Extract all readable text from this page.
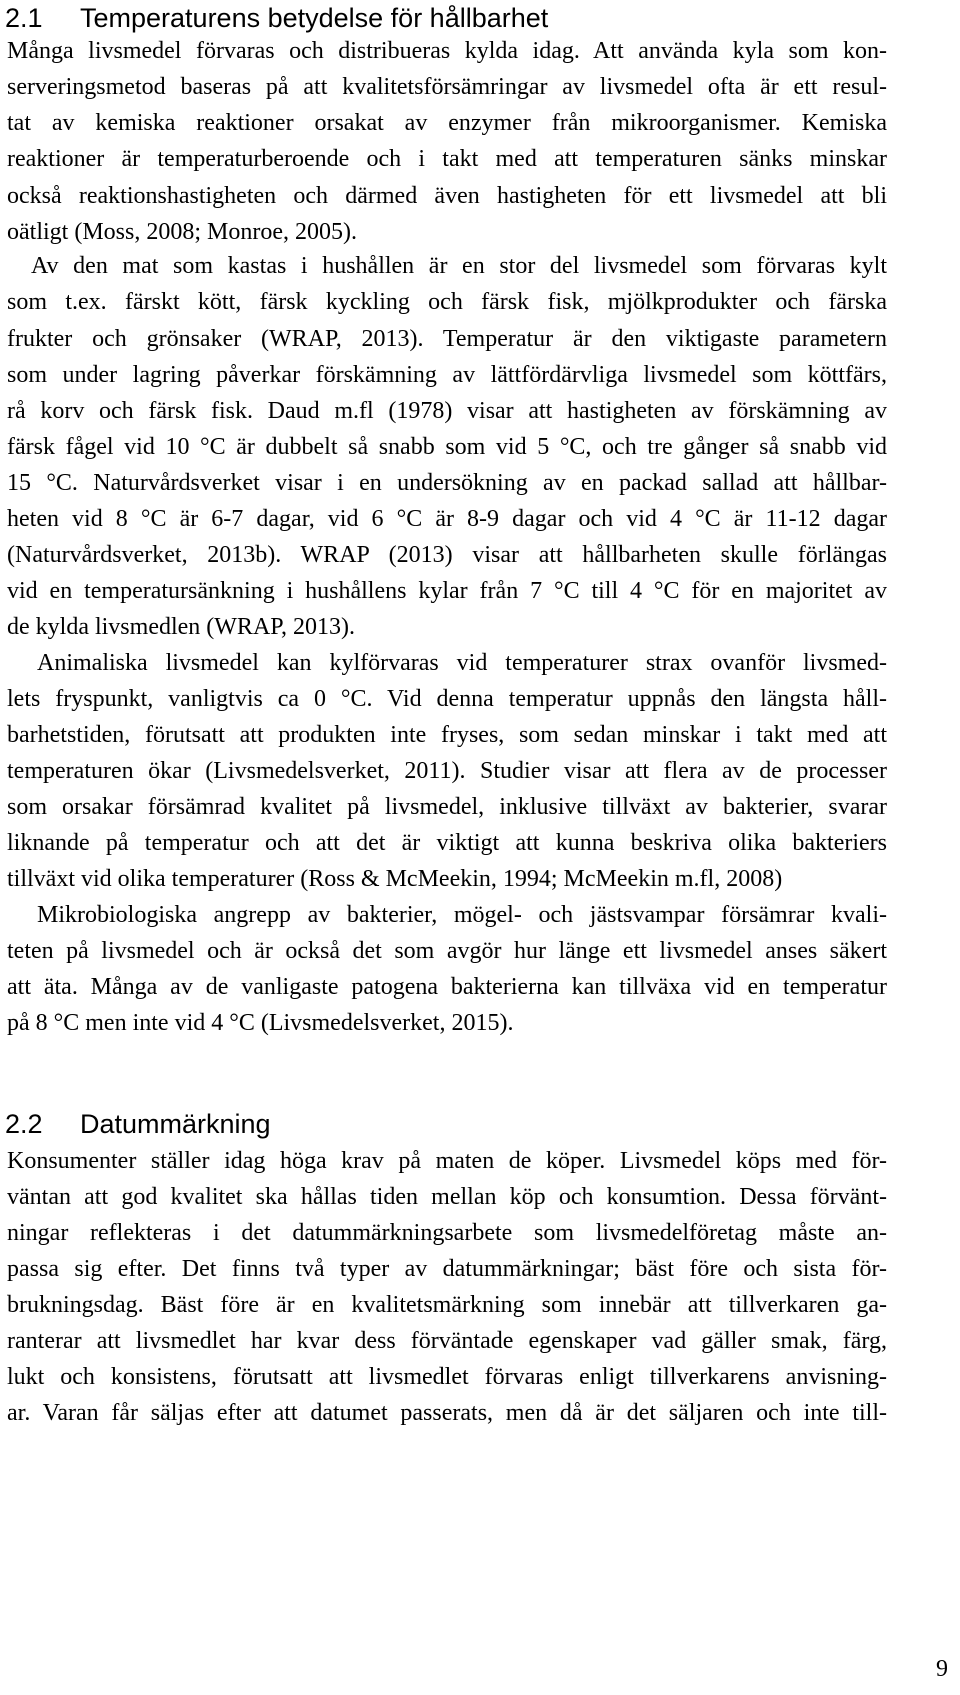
2.1 Temperaturens betydelse för hållbarhet
Många livsmedel förvaras och distribueras kylda idag. Att använda kyla som kon-
serveringsmetod baseras på att kvalitetsförsämringar av livsmedel ofta är ett resul-
tat av kemiska reaktioner orsakat av enzymer från mikroorganismer. Kemiska
reaktioner är temperaturberoende och i takt med att temperaturen sänks minskar
också reaktionshastigheten och därmed även hastigheten för ett livsmedel att bli
oätligt (Moss, 2008; Monroe, 2005).
Av den mat som kastas i hushållen är en stor del livsmedel som förvaras kylt
som t.ex. färskt kött, färsk kyckling och färsk fisk, mjölkprodukter och färska
frukter och grönsaker (WRAP, 2013). Temperatur är den viktigaste parametern
som under lagring påverkar förskämning av lättfördärvliga livsmedel som köttfärs,
rå korv och färsk fisk. Daud m.fl (1978) visar att hastigheten av förskämning av
färsk fågel vid 10 °C är dubbelt så snabb som vid 5 °C, och tre gånger så snabb vid
15 °C. Naturvårdsverket visar i en undersökning av en packad sallad att hållbar-
heten vid 8 °C är 6-7 dagar, vid 6 °C är 8-9 dagar och vid 4 °C är 11-12 dagar
(Naturvårdsverket, 2013b). WRAP (2013) visar att hållbarheten skulle förlängas
vid en temperatursänkning i hushållens kylar från 7 °C till 4 °C för en majoritet av
de kylda livsmedlen (WRAP, 2013).
Animaliska livsmedel kan kylförvaras vid temperaturer strax ovanför livsmed-
lets fryspunkt, vanligtvis ca 0 °C. Vid denna temperatur uppnås den längsta håll-
barhetstiden, förutsatt att produkten inte fryses, som sedan minskar i takt med att
temperaturen ökar (Livsmedelsverket, 2011). Studier visar att flera av de processer
som orsakar försämrad kvalitet på livsmedel, inklusive tillväxt av bakterier, svarar
liknande på temperatur och att det är viktigt att kunna beskriva olika bakteriers
tillväxt vid olika temperaturer (Ross & McMeekin, 1994; McMeekin m.fl, 2008)
Mikrobiologiska angrepp av bakterier, mögel- och jästsvampar försämrar kvali-
teten på livsmedel och är också det som avgör hur länge ett livsmedel anses säkert
att äta. Många av de vanligaste patogena bakterierna kan tillväxa vid en temperatur
på 8 °C men inte vid 4 °C (Livsmedelsverket, 2015).
2.2 Datummärkning
Konsumenter ställer idag höga krav på maten de köper. Livsmedel köps med för-
väntan att god kvalitet ska hållas tiden mellan köp och konsumtion. Dessa förvänt-
ningar reflekteras i det datummärkningsarbete som livsmedelföretag måste an-
passa sig efter. Det finns två typer av datummärkningar; bäst före och sista för-
brukningsdag. Bäst före är en kvalitetsmärkning som innebär att tillverkaren ga-
ranterar att livsmedlet har kvar dess förväntade egenskaper vad gäller smak, färg,
lukt och konsistens, förutsatt att livsmedlet förvaras enligt tillverkarens anvisning-
ar. Varan får säljas efter att datumet passerats, men då är det säljaren och inte till-
9
